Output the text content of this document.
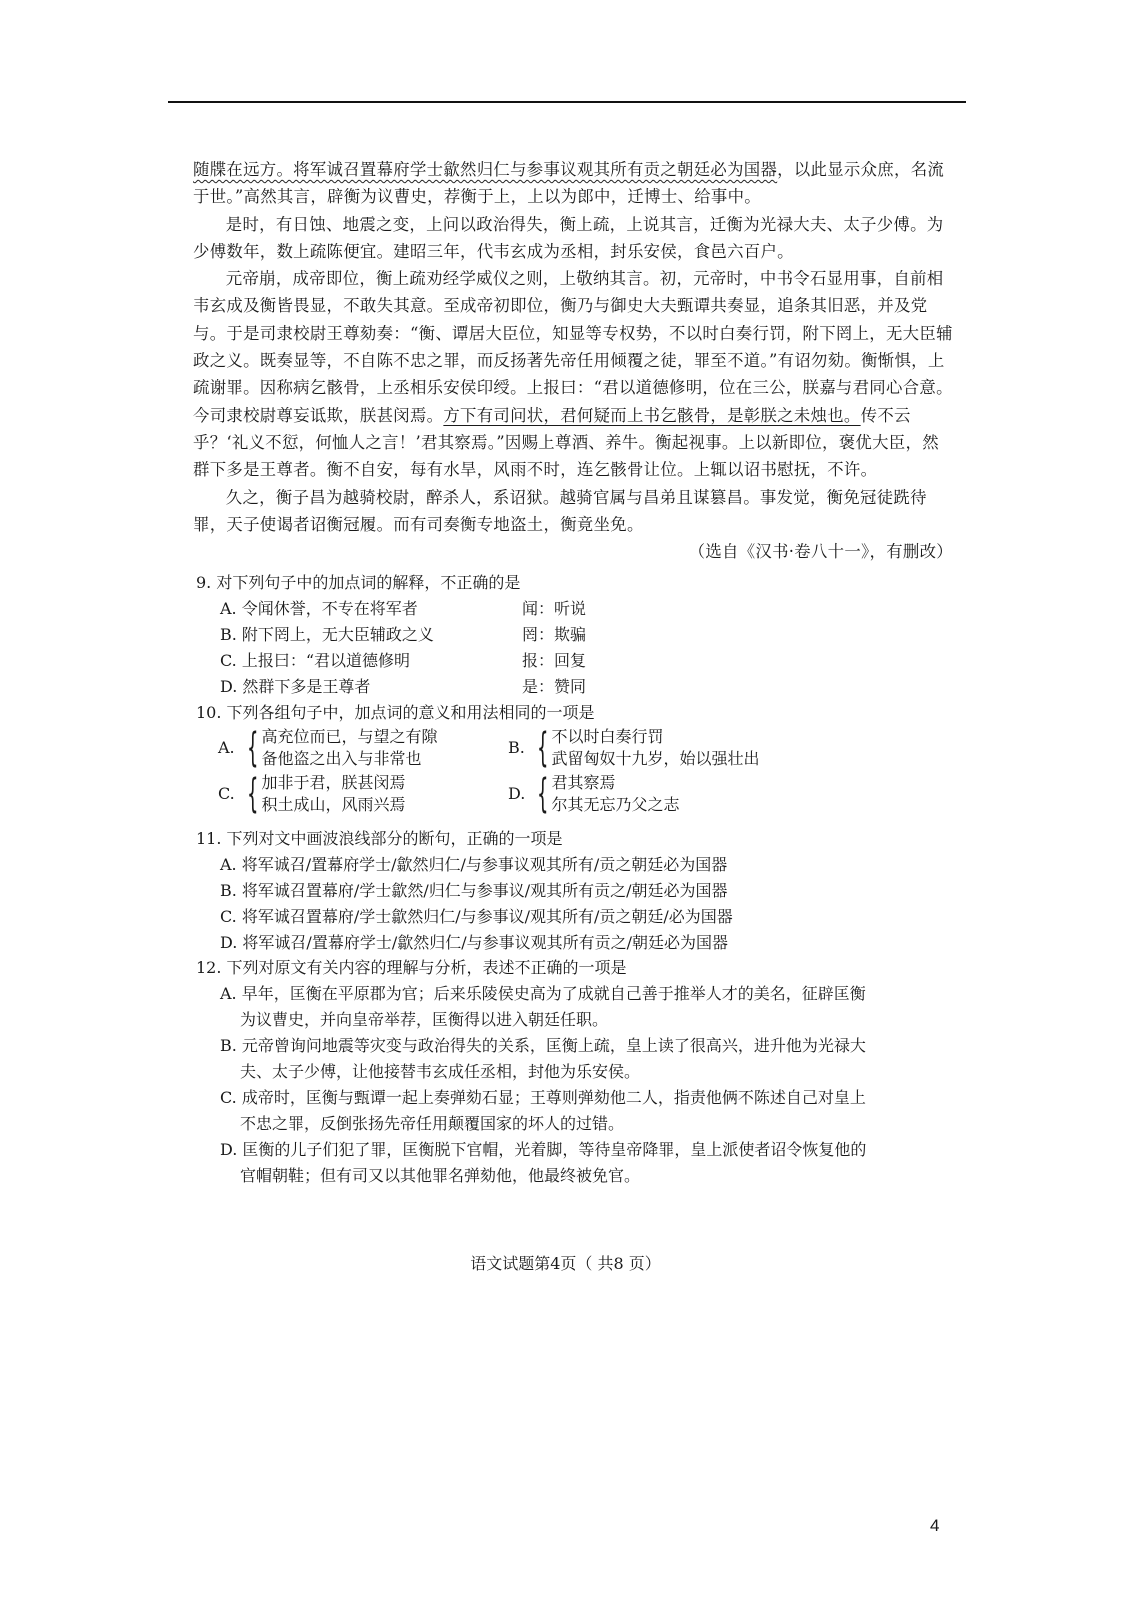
随牒在远方。将军诚召置幕府学士歙然归仁与参事议观其所有贡之朝廷必为国器，以此显示众庶，名流于世。”高然其言，辟衡为议曹史，荐衡于上，上以为郎中，迁博士、给事中。

是时，有日蚀、地震之变，上问以政治得失，衡上疏，上说其言，迁衡为光禄大夫、太子少傅。为少傅数年，数上疏陈便宜。建昭三年，代韦玄成为丞相，封乐安侯，食邑六百户。

元帝崩，成帝即位，衡上疏劝经学威仪之则，上敬纳其言。初，元帝时，中书令石显用事，自前相韦玄成及衡皆畏显，不敢失其意。至成帝初即位，衡乃与御史大夫甄谭共奏显，追条其旧恶，并及党与。于是司隶校尉王尊劾奏：“衡、谭居大臣位，知显等专权势，不以时白奏行罚，附下罔上，无大臣辅政之义。既奏显等，不自陈不忠之罪，而反扬著先帝任用倾覆之徒，罪至不道。”有诏勿劾。衡惭惧，上疏谢罪。因称病乞骸骨，上丞相乐安侯印绶。上报曰：“君以道德修明，位在三公，朕嘉与君同心合意。今司隶校尉尊妄诋欺，朕甚闵焉。方下有司问状，君何疑而上书乞骸骨，是彰朕之未烛也。传不云乎？‘礼义不愆，何恤人之言！’君其察焉。”因赐上尊酒、养牛。衡起视事。上以新即位，褒优大臣，然群下多是王尊者。衡不自安，每有水旱，风雨不时，连乞骸骨让位。上辄以诏书慰抚，不许。

久之，衡子昌为越骑校尉，醉杀人，系诏狱。越骑官属与昌弟且谋篡昌。事发觉，衡免冠徒跣待罪，天子使谒者诏衡冠履。而有司奏衡专地盗土，衡竟坐免。

（选自《汉书·卷八十一》，有删改）

9. 对下列句子中的加点词的解释，不正确的是

A. 令闻休誉，不专在将军者	闻：听说
B. 附下罔上，无大臣辅政之义	罔：欺骗
C. 上报曰：“君以道德修明	报：回复
D. 然群下多是王尊者	是：赞同

10. 下列各组句子中，加点词的意义和用法相同的一项是

A. { 高充位而已，与望之有隙
备他盗之出入与非常也
B. { 不以时白奏行罚
武留匈奴十九岁，始以强壮出
C. { 加非于君，朕甚闵焉
积土成山，风雨兴焉
D. { 君其察焉
尔其无忘乃父之志

11. 下列对文中画波浪线部分的断句，正确的一项是

A. 将军诚召/置幕府学士/歙然归仁/与参事议观其所有/贡之朝廷必为国器

B. 将军诚召置幕府/学士歙然/归仁与参事议/观其所有贡之/朝廷必为国器

C. 将军诚召置幕府/学士歙然归仁/与参事议/观其所有/贡之朝廷/必为国器

D. 将军诚召/置幕府学士/歙然归仁/与参事议观其所有贡之/朝廷必为国器

12. 下列对原文有关内容的理解与分析，表述不正确的一项是

A. 早年，匡衡在平原郡为官；后来乐陵侯史高为了成就自己善于推举人才的美名，征辟匡衡

为议曹史，并向皇帝举荐，匡衡得以进入朝廷任职。

B. 元帝曾询问地震等灾变与政治得失的关系，匡衡上疏，皇上读了很高兴，进升他为光禄大

夫、太子少傅，让他接替韦玄成任丞相，封他为乐安侯。

C. 成帝时，匡衡与甄谭一起上奏弹劾石显；王尊则弹劾他二人，指责他俩不陈述自己对皇上

不忠之罪，反倒张扬先帝任用颠覆国家的坏人的过错。

D. 匡衡的儿子们犯了罪，匡衡脱下官帽，光着脚，等待皇帝降罪，皇上派使者诏令恢复他的

官帽朝鞋；但有司又以其他罪名弹劾他，他最终被免官。

语文试题第4页（ 共8 页）
4
